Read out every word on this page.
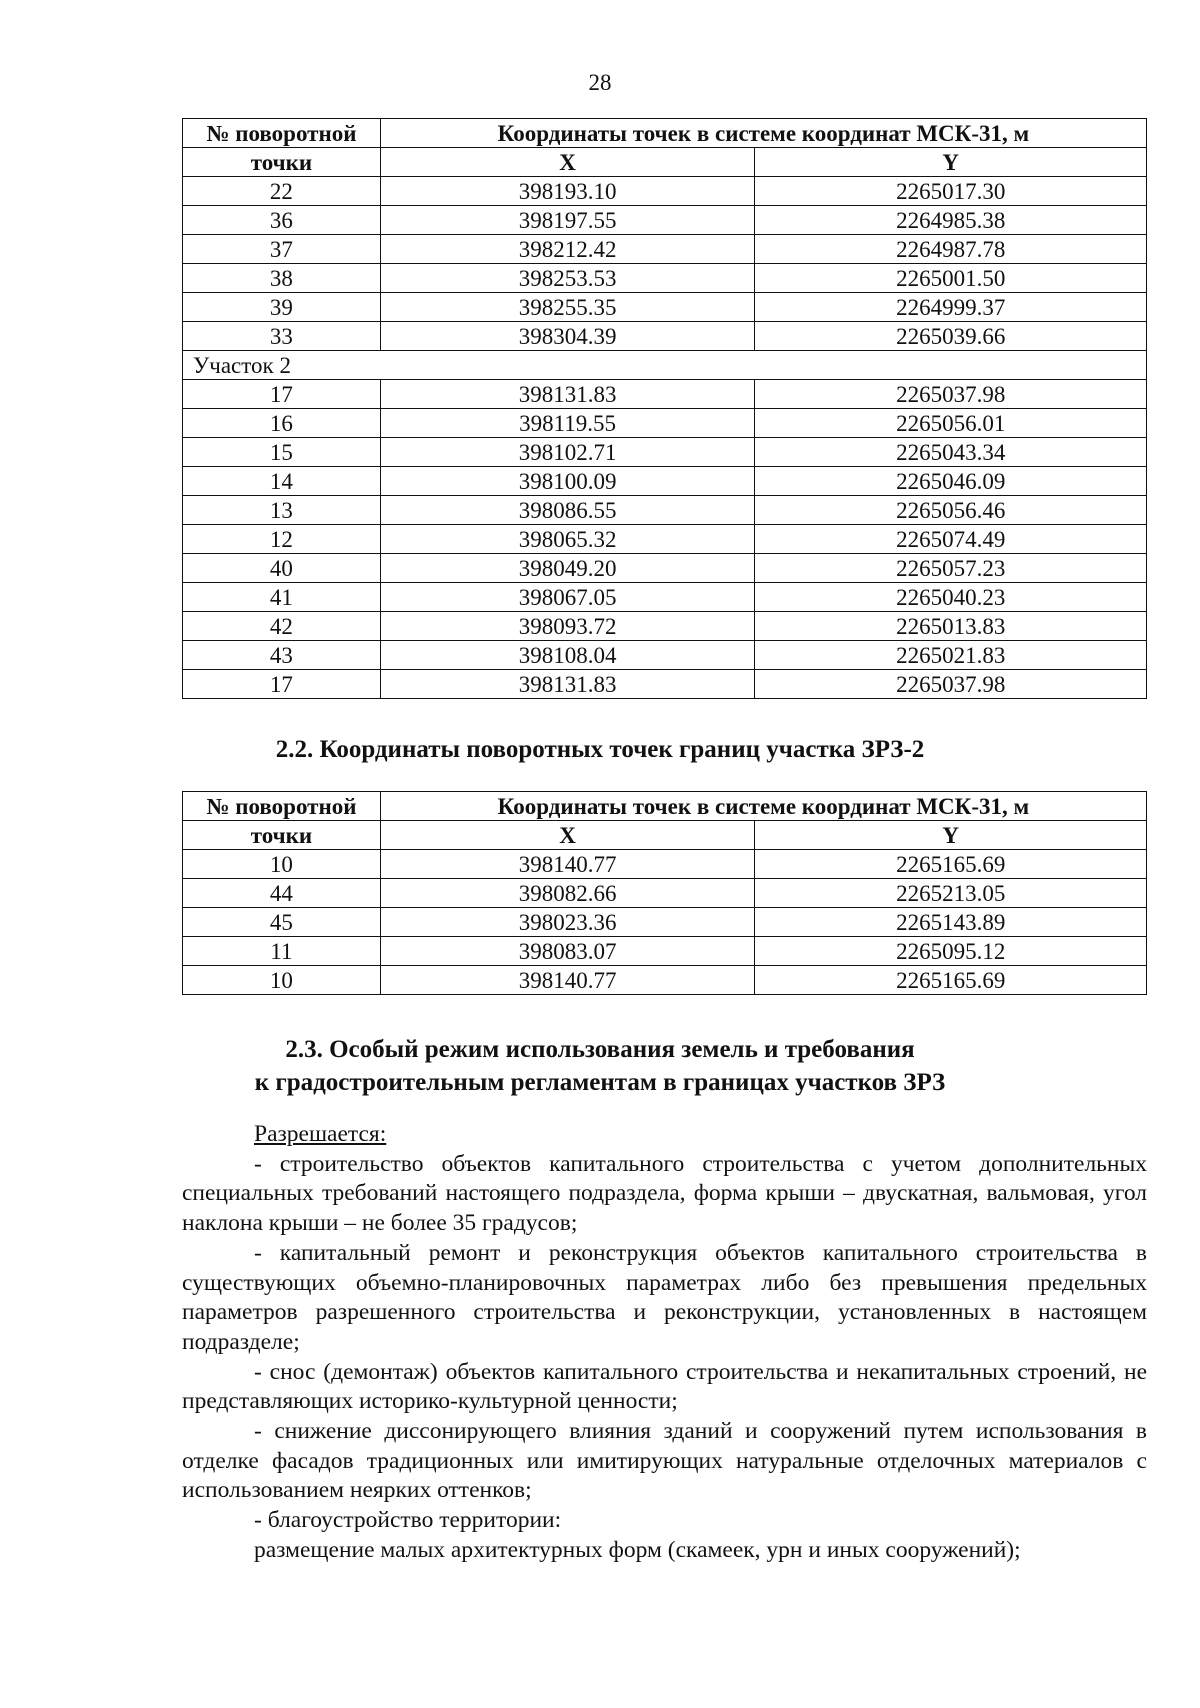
28
№ поворотной	Координаты точек в системе координат МСК-31, м	
точки	X	Y
22	398193.10	2265017.30
36	398197.55	2264985.38
37	398212.42	2264987.78
38	398253.53	2265001.50
39	398255.35	2264999.37
33	398304.39	2265039.66
Участок 2		
17	398131.83	2265037.98
16	398119.55	2265056.01
15	398102.71	2265043.34
14	398100.09	2265046.09
13	398086.55	2265056.46
12	398065.32	2265074.49
40	398049.20	2265057.23
41	398067.05	2265040.23
42	398093.72	2265013.83
43	398108.04	2265021.83
17	398131.83	2265037.98
2.2. Координаты поворотных точек границ участка ЗРЗ-2
№ поворотной	Координаты точек в системе координат МСК-31, м	
точки	X	Y
10	398140.77	2265165.69
44	398082.66	2265213.05
45	398023.36	2265143.89
11	398083.07	2265095.12
10	398140.77	2265165.69
2.3. Особый режим использования земель и требования
к градостроительным регламентам в границах участков ЗРЗ

Разрешается:

- строительство объектов капитального строительства с учетом дополнительных специальных требований настоящего подраздела, форма крыши – двускатная, вальмовая, угол наклона крыши – не более 35 градусов;

- капитальный ремонт и реконструкция объектов капитального строительства в существующих объемно-планировочных параметрах либо без превышения предельных параметров разрешенного строительства и реконструкции, установленных в настоящем подразделе;

- снос (демонтаж) объектов капитального строительства и некапитальных строений, не представляющих историко-культурной ценности;

- снижение диссонирующего влияния зданий и сооружений путем использования в отделке фасадов традиционных или имитирующих натуральные отделочных материалов с использованием неярких оттенков;

- благоустройство территории:

размещение малых архитектурных форм (скамеек, урн и иных сооружений);
